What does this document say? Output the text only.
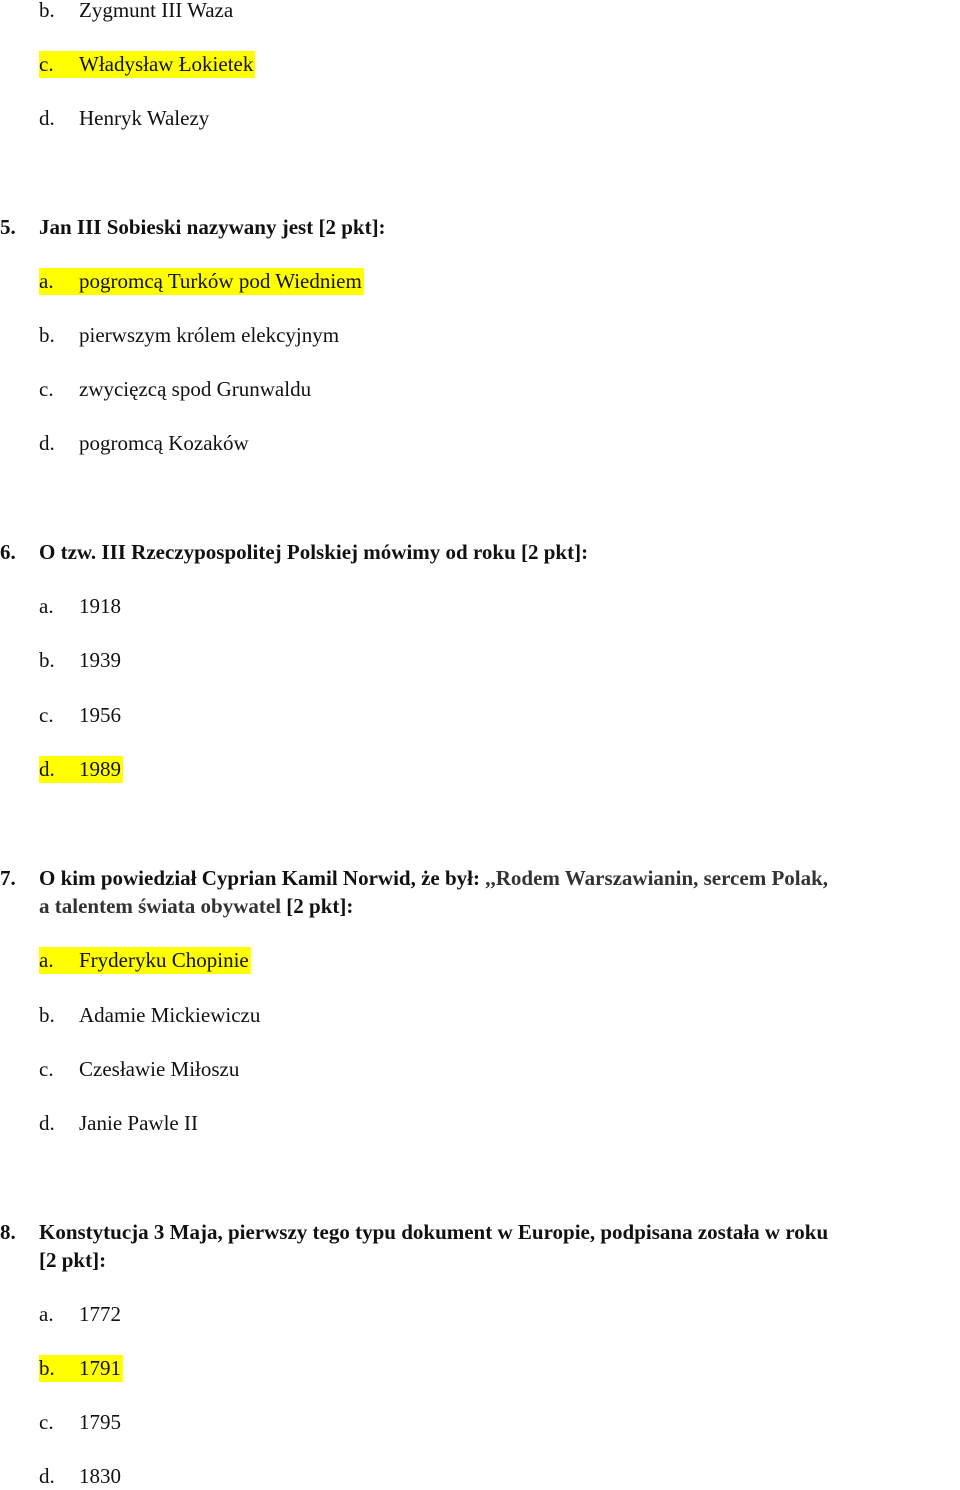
b. Zygmunt III Waza
c. Władysław Łokietek
d. Henryk Walezy
5. Jan III Sobieski nazywany jest [2 pkt]:
a. pogromcą Turków pod Wiedniem
b. pierwszym królem elekcyjnym
c. zwycięzcą spod Grunwaldu
d. pogromcą Kozaków
6. O tzw. III Rzeczypospolitej Polskiej mówimy od roku [2 pkt]:
a. 1918
b. 1939
c. 1956
d. 1989
7. O kim powiedział Cyprian Kamil Norwid, że był: ,,Rodem Warszawianin, sercem Polak,
a talentem świata obywatel [2 pkt]:
a. Fryderyku Chopinie
b. Adamie Mickiewiczu
c. Czesławie Miłoszu
d. Janie Pawle II
8. Konstytucja 3 Maja, pierwszy tego typu dokument w Europie, podpisana została w roku
[2 pkt]:
a. 1772
b. 1791
c. 1795
d. 1830
